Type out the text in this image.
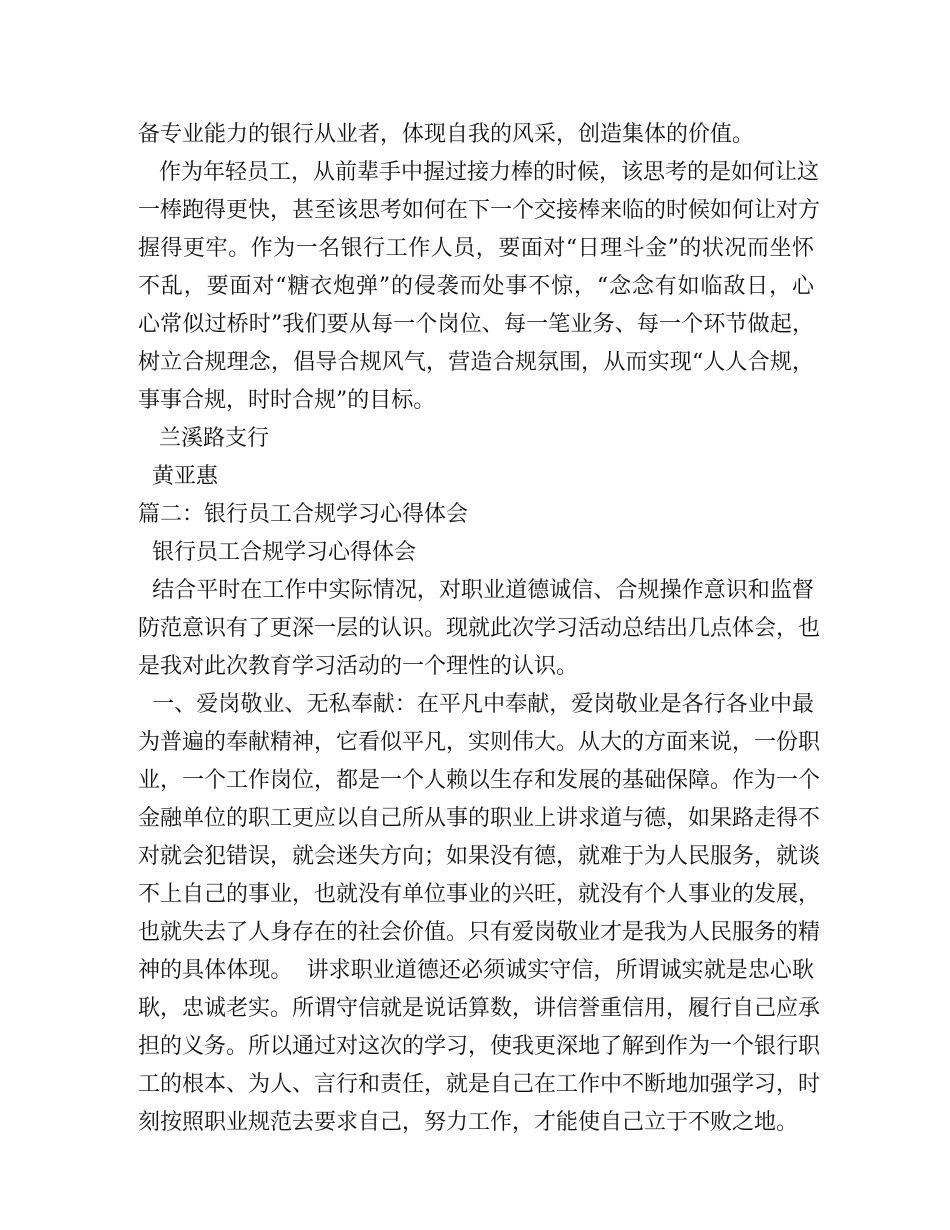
备专业能力的银行从业者，体现自我的风采，创造集体的价值。
作为年轻员工，从前辈手中握过接力棒的时候，该思考的是如何让这
一棒跑得更快，甚至该思考如何在下一个交接棒来临的时候如何让对方
握得更牢。作为一名银行工作人员，要面对“日理斗金”的状况而坐怀
不乱，要面对“糖衣炮弹”的侵袭而处事不惊，“念念有如临敌日，心
心常似过桥时”我们要从每一个岗位、每一笔业务、每一个环节做起，
树立合规理念，倡导合规风气，营造合规氛围，从而实现“人人合规，
事事合规，时时合规”的目标。
兰溪路支行
黄亚惠
篇二：银行员工合规学习心得体会
银行员工合规学习心得体会
结合平时在工作中实际情况，对职业道德诚信、合规操作意识和监督
防范意识有了更深一层的认识。现就此次学习活动总结出几点体会，也
是我对此次教育学习活动的一个理性的认识。
一、爱岗敬业、无私奉献：在平凡中奉献，爱岗敬业是各行各业中最
为普遍的奉献精神，它看似平凡，实则伟大。从大的方面来说，一份职
业，一个工作岗位，都是一个人赖以生存和发展的基础保障。作为一个
金融单位的职工更应以自己所从事的职业上讲求道与德，如果路走得不
对就会犯错误，就会迷失方向；如果没有德，就难于为人民服务，就谈
不上自己的事业，也就没有单位事业的兴旺，就没有个人事业的发展，
也就失去了人身存在的社会价值。只有爱岗敬业才是我为人民服务的精
神的具体体现。  讲求职业道德还必须诚实守信，所谓诚实就是忠心耿
耿，忠诚老实。所谓守信就是说话算数，讲信誉重信用，履行自己应承
担的义务。所以通过对这次的学习，使我更深地了解到作为一个银行职
工的根本、为人、言行和责任，就是自己在工作中不断地加强学习，时
刻按照职业规范去要求自己，努力工作，才能使自己立于不败之地。
